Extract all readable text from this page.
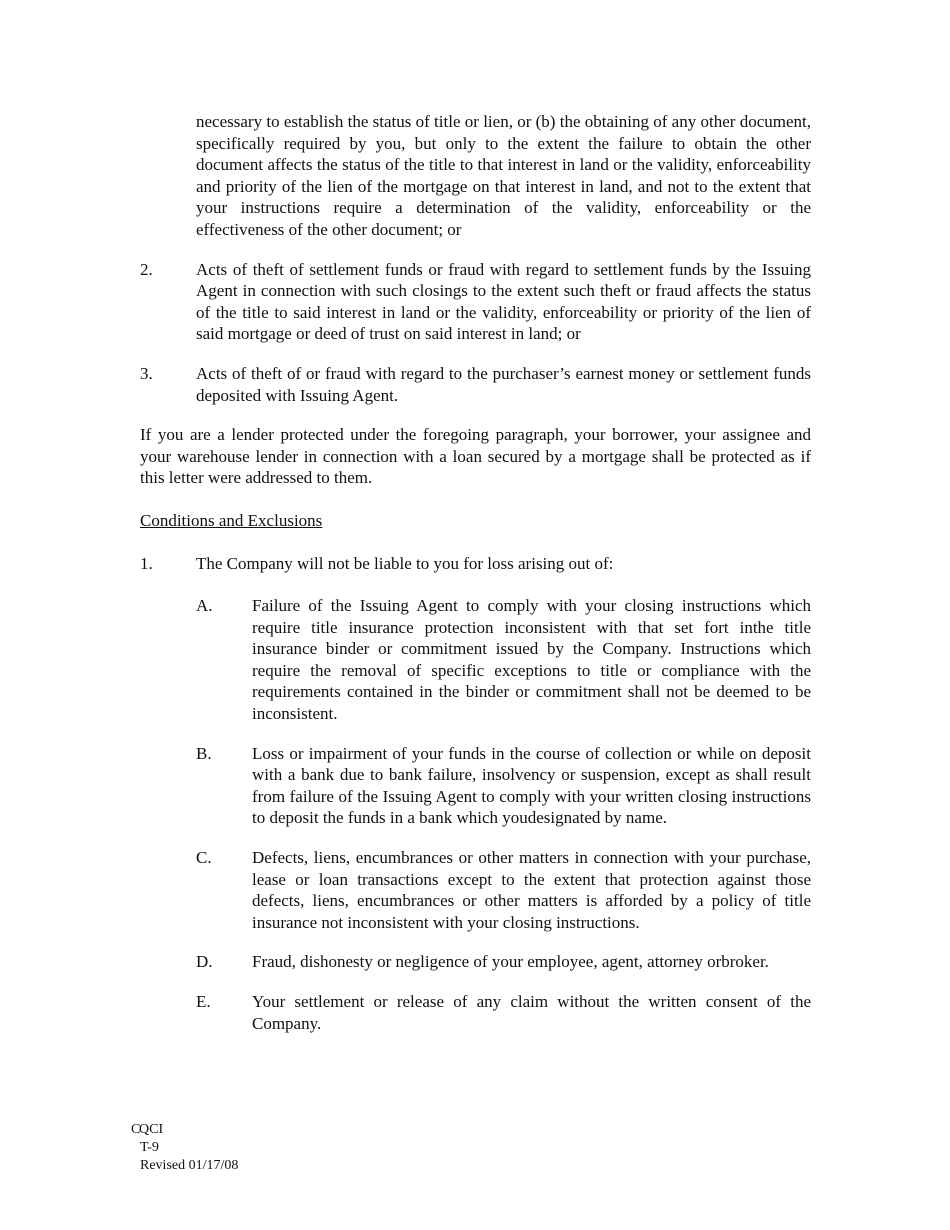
necessary to establish the status of title or lien, or (b) the obtaining of any other document, specifically required by you, but only to the extent the failure to obtain the other document affects the status of the title to that interest in land or the validity, enforceability and priority of the lien of the mortgage on that interest in land, and not to the extent that your instructions require a determination of the validity, enforceability or the effectiveness of the other document; or

2.	Acts of theft of settlement funds or fraud with regard to settlement funds by the Issuing Agent in connection with such closings to the extent such theft or fraud affects the status of the title to said interest in land or the validity, enforceability or priority of the lien of said mortgage or deed of trust on said interest in land; or
3.	Acts of theft of or fraud with regard to the purchaser’s earnest money or settlement funds deposited with Issuing Agent.

If you are a lender protected under the foregoing paragraph, your borrower, your assignee and your warehouse lender in connection with a loan secured by a mortgage shall be protected as if this letter were addressed to them.

Conditions and Exclusions
1.	The Company will not be liable to you for loss arising out of:
A.	Failure of the Issuing Agent to comply with your closing instructions which require title insurance protection inconsistent with that set fort inthe title insurance binder or commitment issued by the Company. Instructions which require the removal of specific exceptions to title or compliance with the requirements contained in the binder or commitment shall not be deemed to be inconsistent.
B.	Loss or impairment of your funds in the course of collection or while on deposit with a bank due to bank failure, insolvency or suspension, except as shall result from failure of the Issuing Agent to comply with your written closing instructions to deposit the funds in a bank which youdesignated by name.
C.	Defects, liens, encumbrances or other matters in connection with your purchase, lease or loan transactions except to the extent that protection against those defects, liens, encumbrances or other matters is afforded by a policy of title insurance not inconsistent with your closing instructions.
D.	Fraud, dishonesty or negligence of your employee, agent, attorney orbroker.
E.	Your settlement or release of any claim without the written consent of the Company.
C
QCI
T-9
Revised 01/17/08
